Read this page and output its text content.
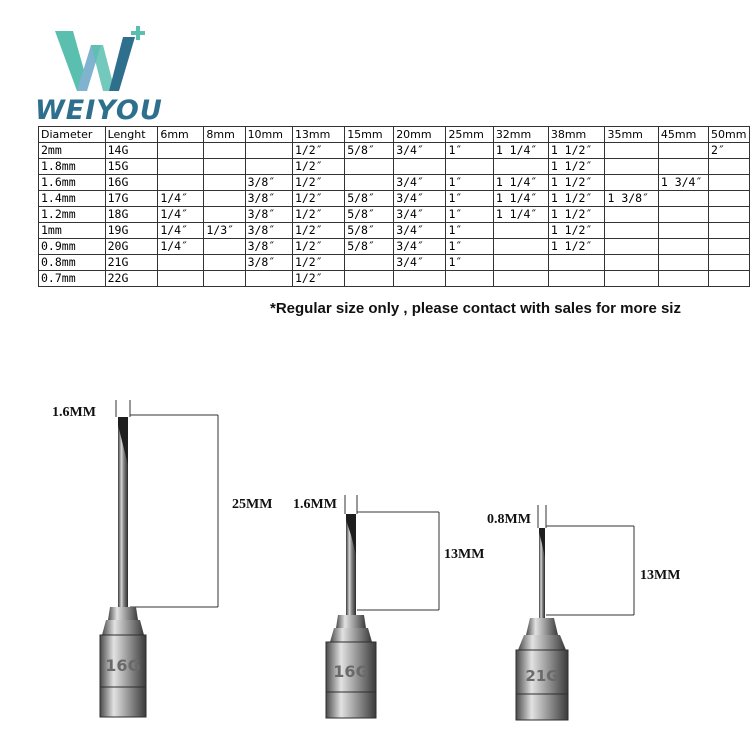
WEIYOU
Diameter	Lenght	6mm	8mm	10mm	13mm	15mm	20mm	25mm	32mm	38mm	35mm	45mm	50mm
2mm	14G				1/2″	5/8″	3/4″	1″	1 1/4″	1 1/2″			2″
1.8mm	15G				1/2″					1 1/2″			
1.6mm	16G			3/8″	1/2″		3/4″	1″	1 1/4″	1 1/2″		1 3/4″	
1.4mm	17G	1/4″		3/8″	1/2″	5/8″	3/4″	1″	1 1/4″	1 1/2″	1 3/8″		
1.2mm	18G	1/4″		3/8″	1/2″	5/8″	3/4″	1″	1 1/4″	1 1/2″			
1mm	19G	1/4″	1/3″	3/8″	1/2″	5/8″	3/4″	1″		1 1/2″			
0.9mm	20G	1/4″		3/8″	1/2″	5/8″	3/4″	1″		1 1/2″			
0.8mm	21G			3/8″	1/2″		3/4″	1″					
0.7mm	22G				1/2″								
*Regular size only , please contact with sales for more siz
16G
1.6MM
25MM
16G
1.6MM
13MM
21G
0.8MM
13MM
